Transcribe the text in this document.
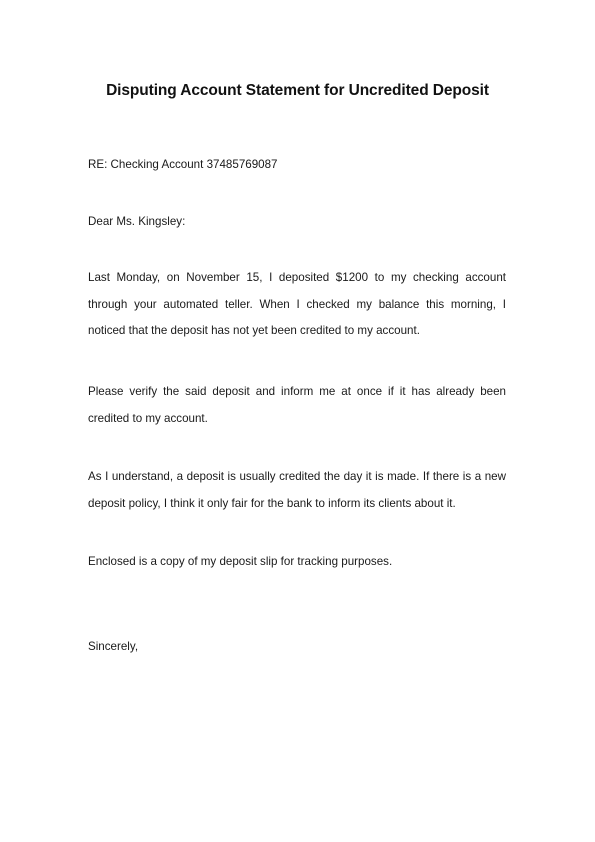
Disputing Account Statement for Uncredited Deposit
RE: Checking Account 37485769087
Dear Ms. Kingsley:
Last Monday, on November 15, I deposited $1200 to my checking account
through your automated teller. When I checked my balance this morning, I
noticed that the deposit has not yet been credited to my account.
Please verify the said deposit and inform me at once if it has already been
credited to my account.
As I understand, a deposit is usually credited the day it is made. If there is a new
deposit policy, I think it only fair for the bank to inform its clients about it.
Enclosed is a copy of my deposit slip for tracking purposes.
Sincerely,
